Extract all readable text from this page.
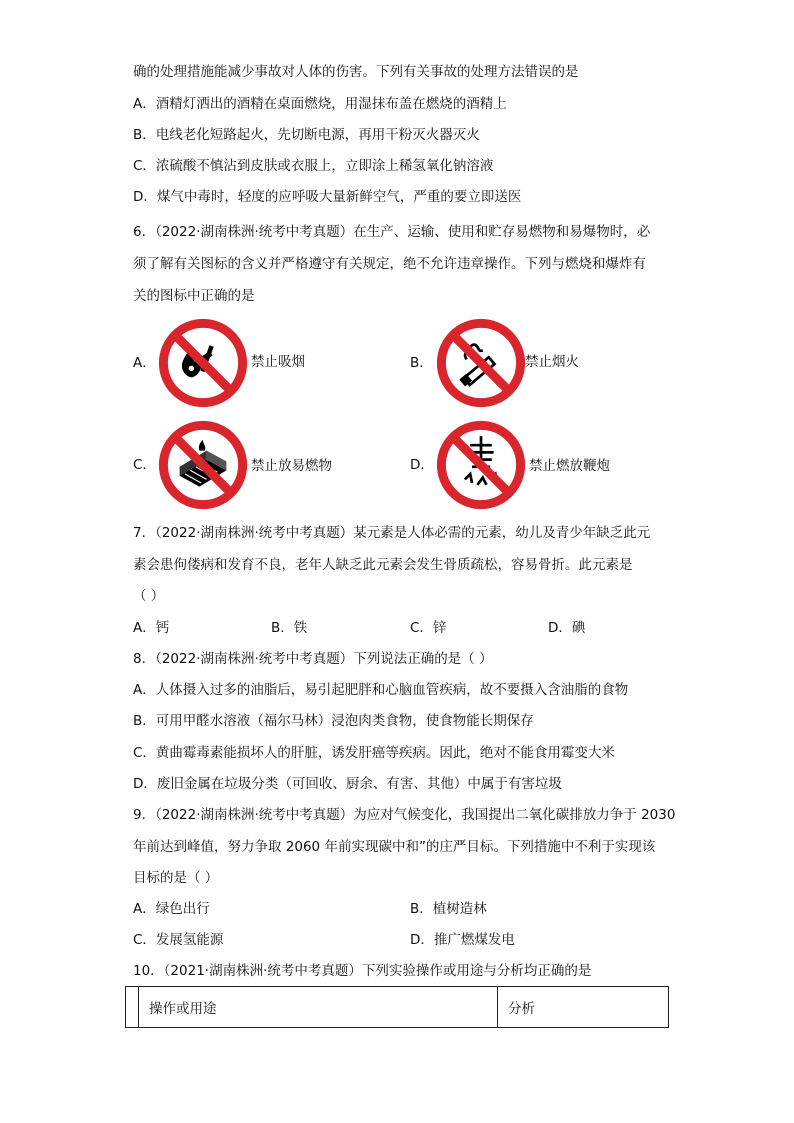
确的处理措施能减少事故对人体的伤害。下列有关事故的处理方法错误的是
A．酒精灯洒出的酒精在桌面燃烧，用湿抹布盖在燃烧的酒精上
B．电线老化短路起火，先切断电源，再用干粉灭火器灭火
C．浓硫酸不慎沾到皮肤或衣服上，立即涂上稀氢氧化钠溶液
D．煤气中毒时，轻度的应呼吸大量新鲜空气，严重的要立即送医
6．（2022·湖南株洲·统考中考真题）在生产、运输、使用和贮存易燃物和易爆物时，必
须了解有关图标的含义并严格遵守有关规定，绝不允许违章操作。下列与燃烧和爆炸有
关的图标中正确的是
A．	禁止吸烟	B．	禁止烟火
C．	禁止放易燃物	D．	禁止燃放鞭炮
7．（2022·湖南株洲·统考中考真题）某元素是人体必需的元素，幼儿及青少年缺乏此元
素会患佝偻病和发育不良，老年人缺乏此元素会发生骨质疏松，容易骨折。此元素是
（ ）
A．钙	B．铁	C．锌	D．碘
8．（2022·湖南株洲·统考中考真题）下列说法正确的是（ ）
A．人体摄入过多的油脂后，易引起肥胖和心脑血管疾病，故不要摄入含油脂的食物
B．可用甲醛水溶液（福尔马林）浸泡肉类食物，使食物能长期保存
C．黄曲霉毒素能损坏人的肝脏，诱发肝癌等疾病。因此，绝对不能食用霉变大米
D．废旧金属在垃圾分类（可回收、厨余、有害、其他）中属于有害垃圾
9．（2022·湖南株洲·统考中考真题）为应对气候变化，我国提出二氧化碳排放力争于 2030
年前达到峰值，努力争取 2060 年前实现碳中和”的庄严目标。下列措施中不利于实现该
目标的是（ ）
A．绿色出行	B．植树造林
C．发展氢能源	D．推广燃煤发电
10．（2021·湖南株洲·统考中考真题）下列实验操作或用途与分析均正确的是
	操作或用途	分析
